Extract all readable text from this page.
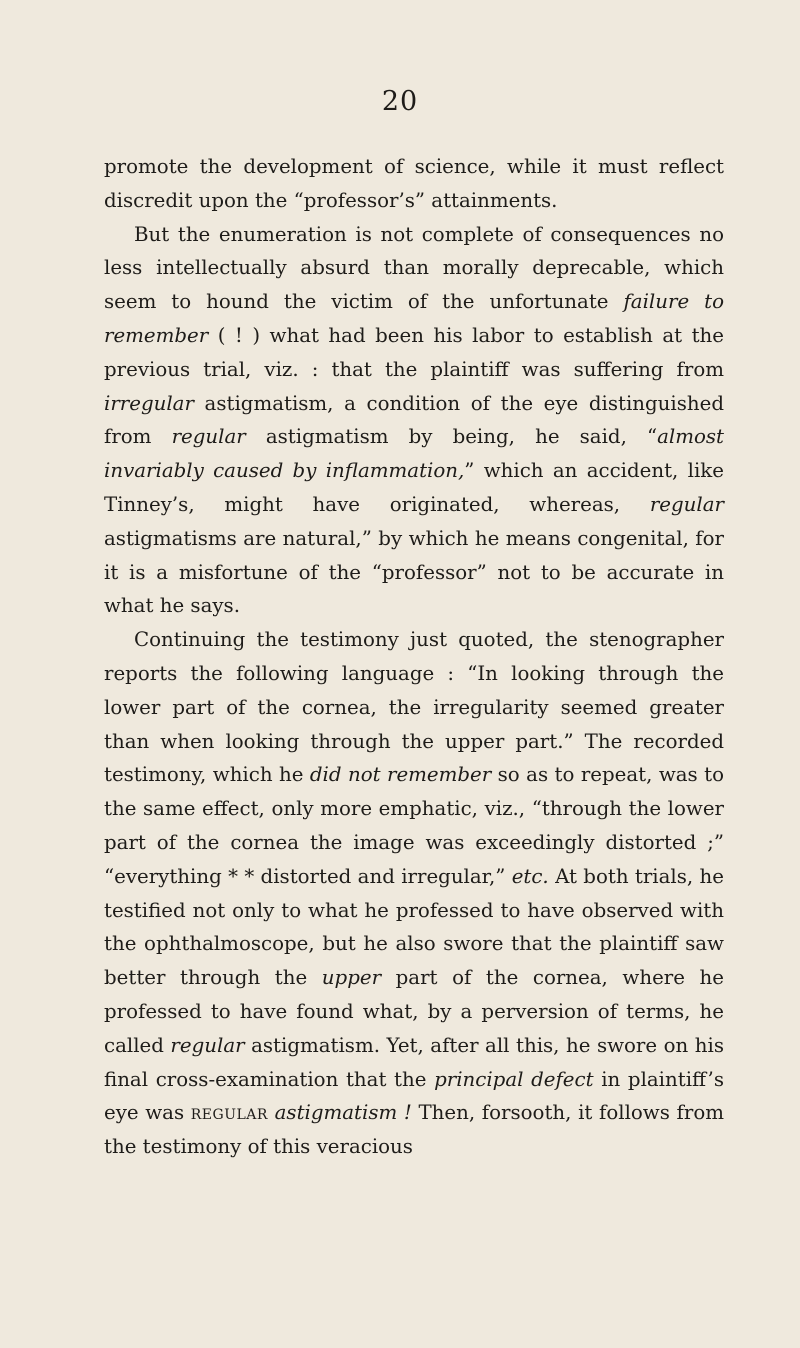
20

promote the development of science, while it must reflect discredit upon the “professor’s” attainments.

But the enumeration is not complete of consequences no less intellectually absurd than morally deprecable, which seem to hound the victim of the unfortunate failure to remember ( ! ) what had been his labor to establish at the previous trial, viz. : that the plaintiff was suffering from irregular astigmatism, a condition of the eye distinguished from regular astigmatism by being, he said, “almost invariably caused by inflammation,” which an accident, like Tinney’s, might have originated, whereas, regular astigmatisms are natural,” by which he means congenital, for it is a misfortune of the “professor” not to be accurate in what he says.

Continuing the testimony just quoted, the stenographer reports the following language : “In looking through the lower part of the cornea, the irregularity seemed greater than when looking through the upper part.” The recorded testimony, which he did not remember so as to repeat, was to the same effect, only more emphatic, viz., “through the lower part of the cornea the image was exceedingly distorted ;” “everything * * distorted and irregular,” etc. At both trials, he testified not only to what he professed to have observed with the ophthalmoscope, but he also swore that the plaintiff saw better through the upper part of the cornea, where he professed to have found what, by a perversion of terms, he called regular astigmatism. Yet, after all this, he swore on his final cross-examination that the principal defect in plaintiff’s eye was regular astigmatism ! Then, forsooth, it follows from the testimony of this veracious
